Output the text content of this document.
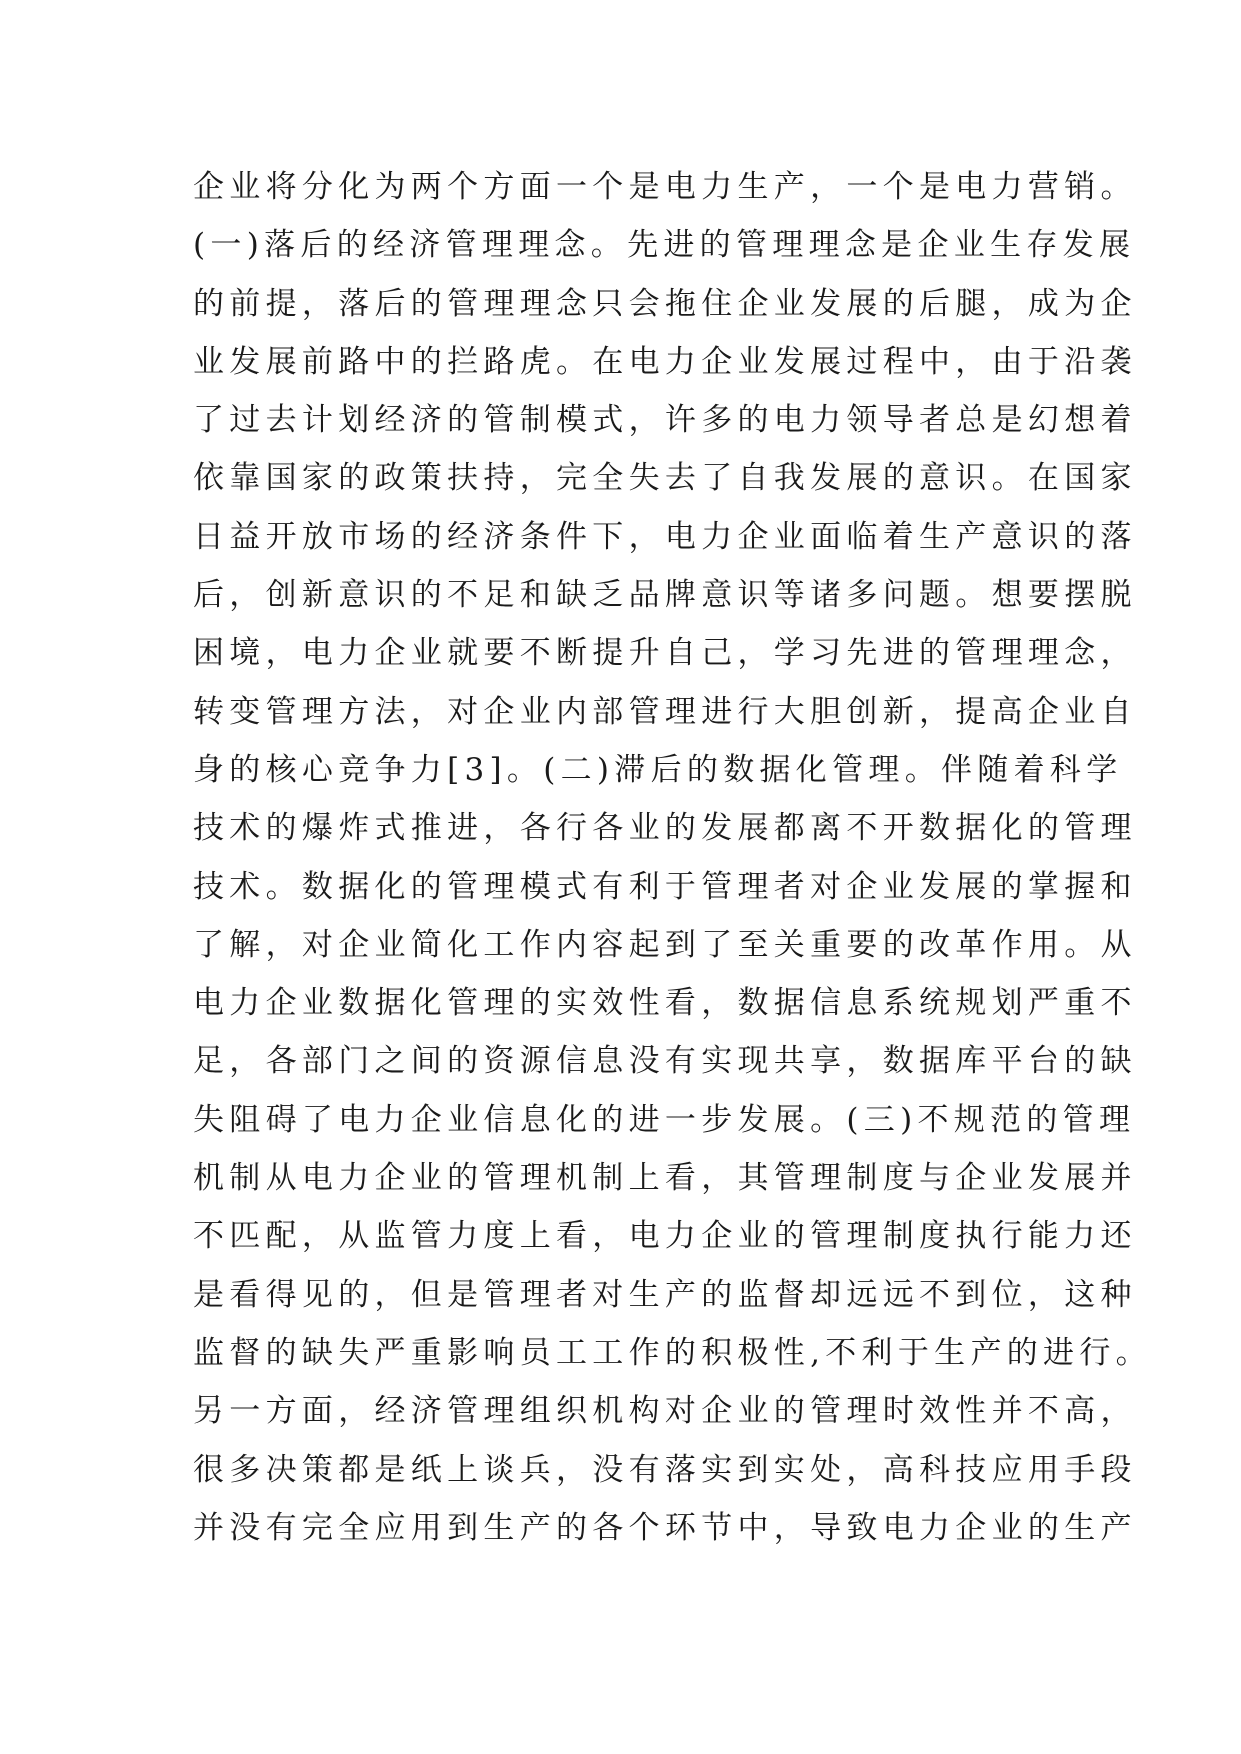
企业将分化为两个方面一个是电力生产，一个是电力营销。
(一)落后的经济管理理念。先进的管理理念是企业生存发展
的前提，落后的管理理念只会拖住企业发展的后腿，成为企
业发展前路中的拦路虎。在电力企业发展过程中，由于沿袭
了过去计划经济的管制模式，许多的电力领导者总是幻想着
依靠国家的政策扶持，完全失去了自我发展的意识。在国家
日益开放市场的经济条件下，电力企业面临着生产意识的落
后，创新意识的不足和缺乏品牌意识等诸多问题。想要摆脱
困境，电力企业就要不断提升自己，学习先进的管理理念，
转变管理方法，对企业内部管理进行大胆创新，提高企业自
身的核心竞争力[3]。(二)滞后的数据化管理。伴随着科学
技术的爆炸式推进，各行各业的发展都离不开数据化的管理
技术。数据化的管理模式有利于管理者对企业发展的掌握和
了解，对企业简化工作内容起到了至关重要的改革作用。从
电力企业数据化管理的实效性看，数据信息系统规划严重不
足，各部门之间的资源信息没有实现共享，数据库平台的缺
失阻碍了电力企业信息化的进一步发展。(三)不规范的管理
机制从电力企业的管理机制上看，其管理制度与企业发展并
不匹配，从监管力度上看，电力企业的管理制度执行能力还
是看得见的，但是管理者对生产的监督却远远不到位，这种
监督的缺失严重影响员工工作的积极性,不利于生产的进行。
另一方面，经济管理组织机构对企业的管理时效性并不高，
很多决策都是纸上谈兵，没有落实到实处，高科技应用手段
并没有完全应用到生产的各个环节中，导致电力企业的生产
